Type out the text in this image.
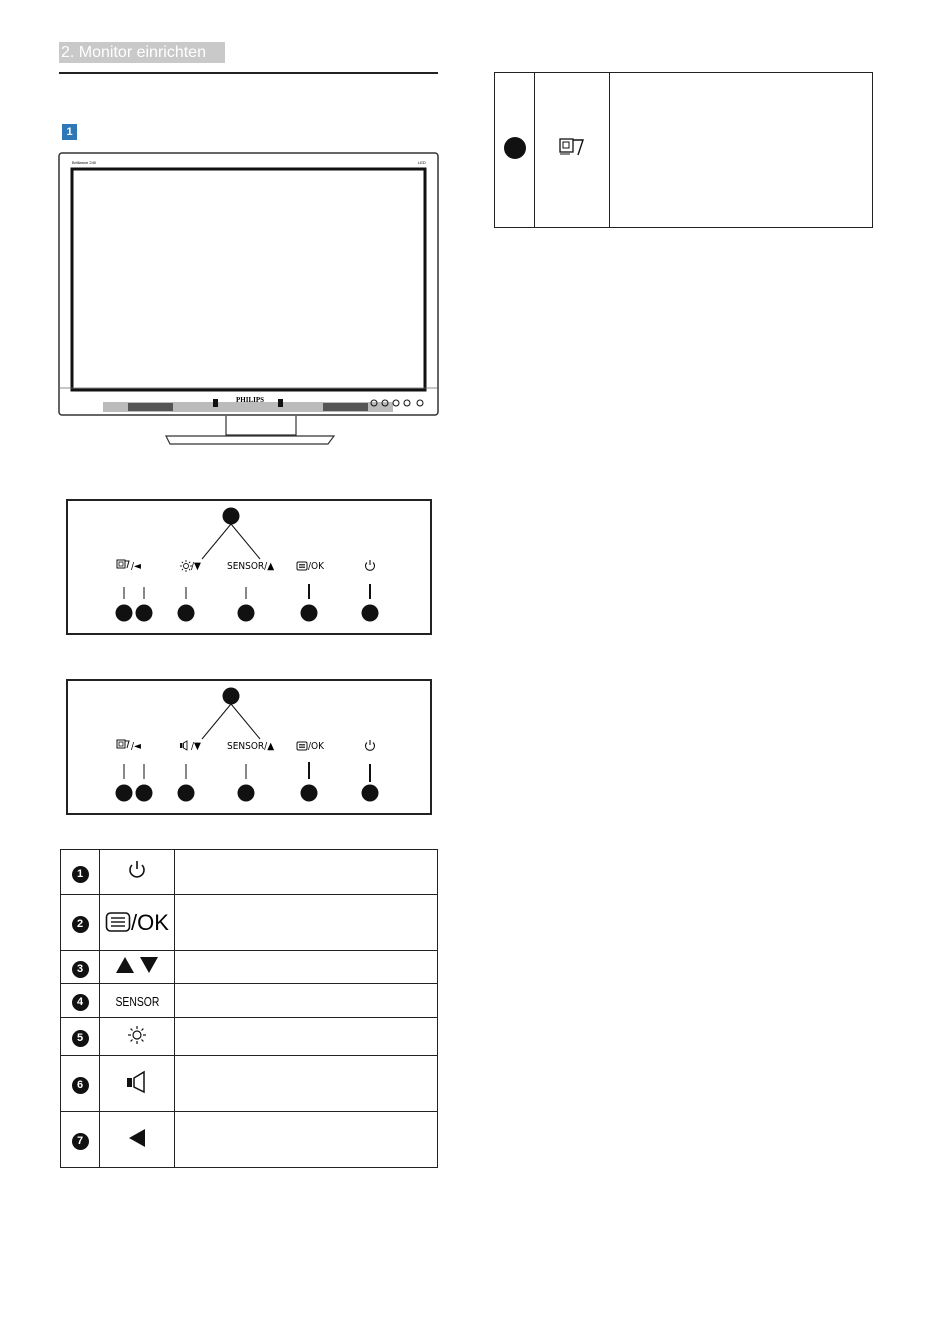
2. Monitor einrichten
1
Brilliance 240	LED
PHILIPS
/◄	/▼	SENSOR/▲	/OK
/◄	/▼	SENSOR/▲	/OK
1		
2	/OK	
3		
4	SENSOR	
5		
6		
7		
